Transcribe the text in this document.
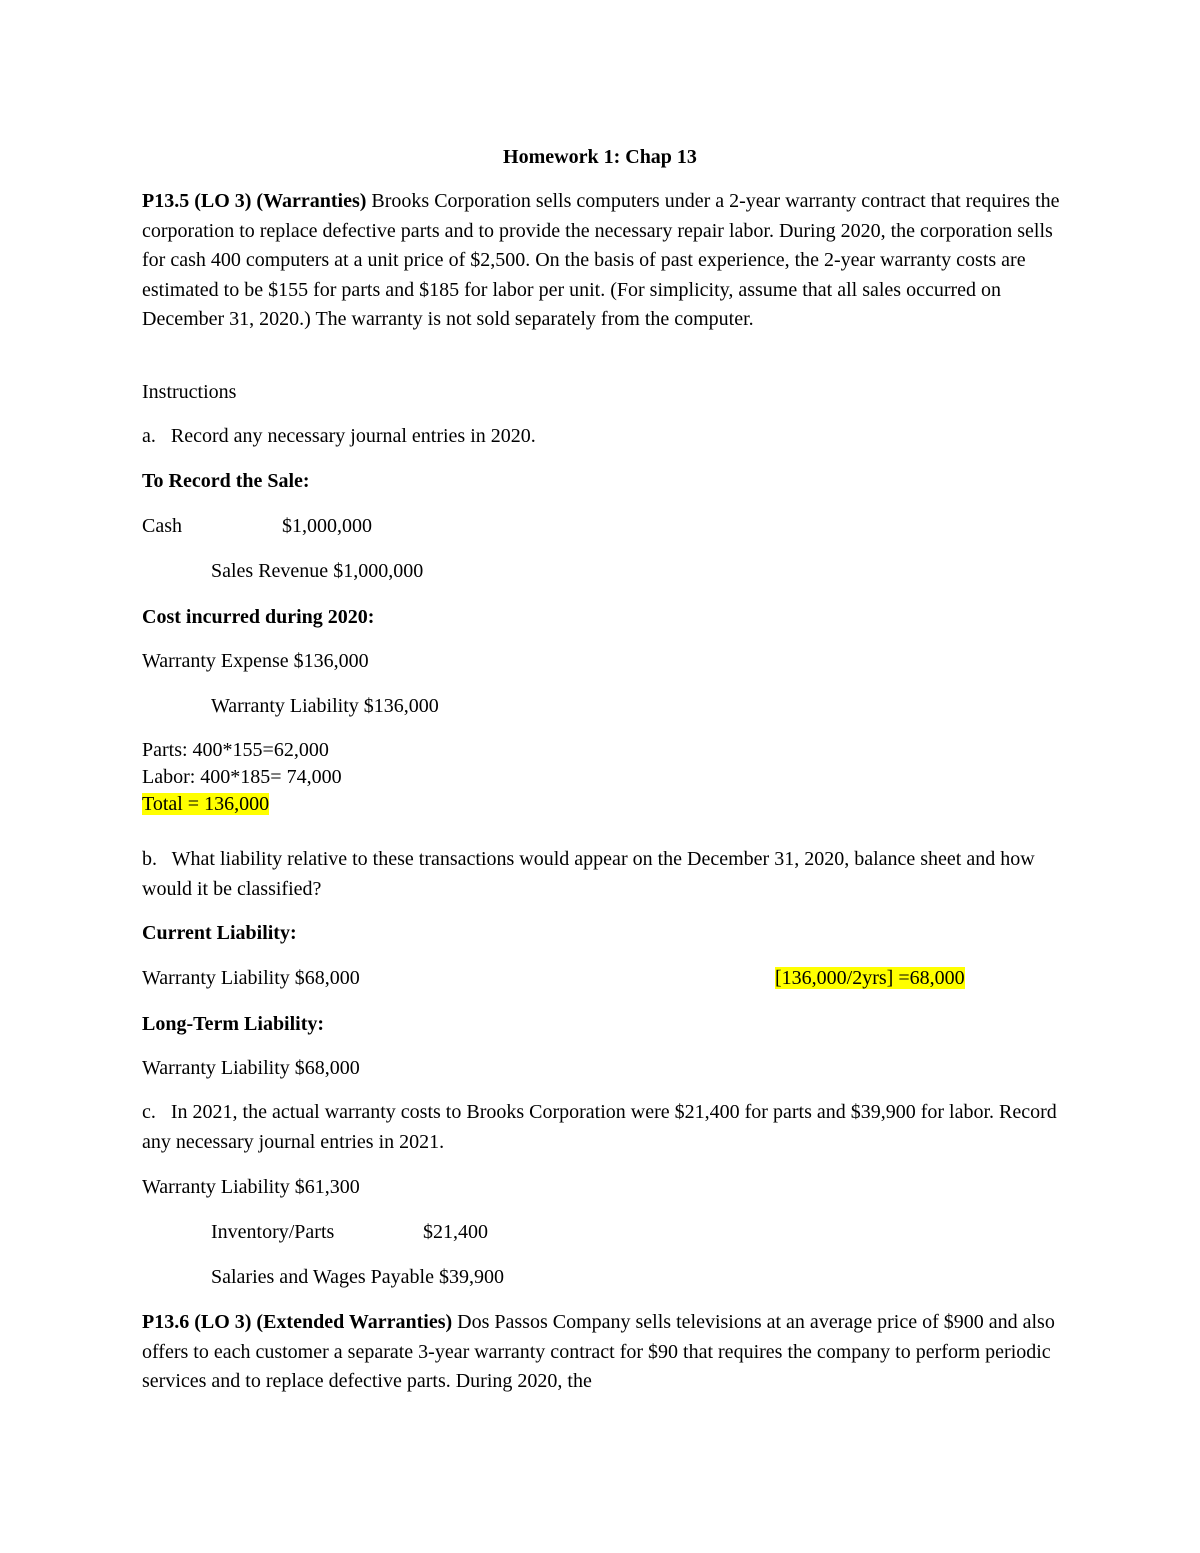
Homework 1: Chap 13
P13.5 (LO 3) (Warranties) Brooks Corporation sells computers under a 2-year warranty contract that requires the corporation to replace defective parts and to provide the necessary repair labor. During 2020, the corporation sells for cash 400 computers at a unit price of $2,500. On the basis of past experience, the 2-year warranty costs are estimated to be $155 for parts and $185 for labor per unit. (For simplicity, assume that all sales occurred on December 31, 2020.) The warranty is not sold separately from the computer.
Instructions
a. Record any necessary journal entries in 2020.
To Record the Sale:
Cash	$1,000,000
Sales Revenue $1,000,000
Cost incurred during 2020:
Warranty Expense $136,000
Warranty Liability $136,000
Parts: 400*155=62,000
Labor: 400*185= 74,000
Total = 136,000
b. What liability relative to these transactions would appear on the December 31, 2020, balance sheet and how would it be classified?
Current Liability:
Warranty Liability $68,000	[136,000/2yrs] =68,000
Long-Term Liability:
Warranty Liability $68,000
c. In 2021, the actual warranty costs to Brooks Corporation were $21,400 for parts and $39,900 for labor. Record any necessary journal entries in 2021.
Warranty Liability $61,300
Inventory/Parts	$21,400
Salaries and Wages Payable $39,900
P13.6 (LO 3) (Extended Warranties) Dos Passos Company sells televisions at an average price of $900 and also offers to each customer a separate 3-year warranty contract for $90 that requires the company to perform periodic services and to replace defective parts. During 2020, the
